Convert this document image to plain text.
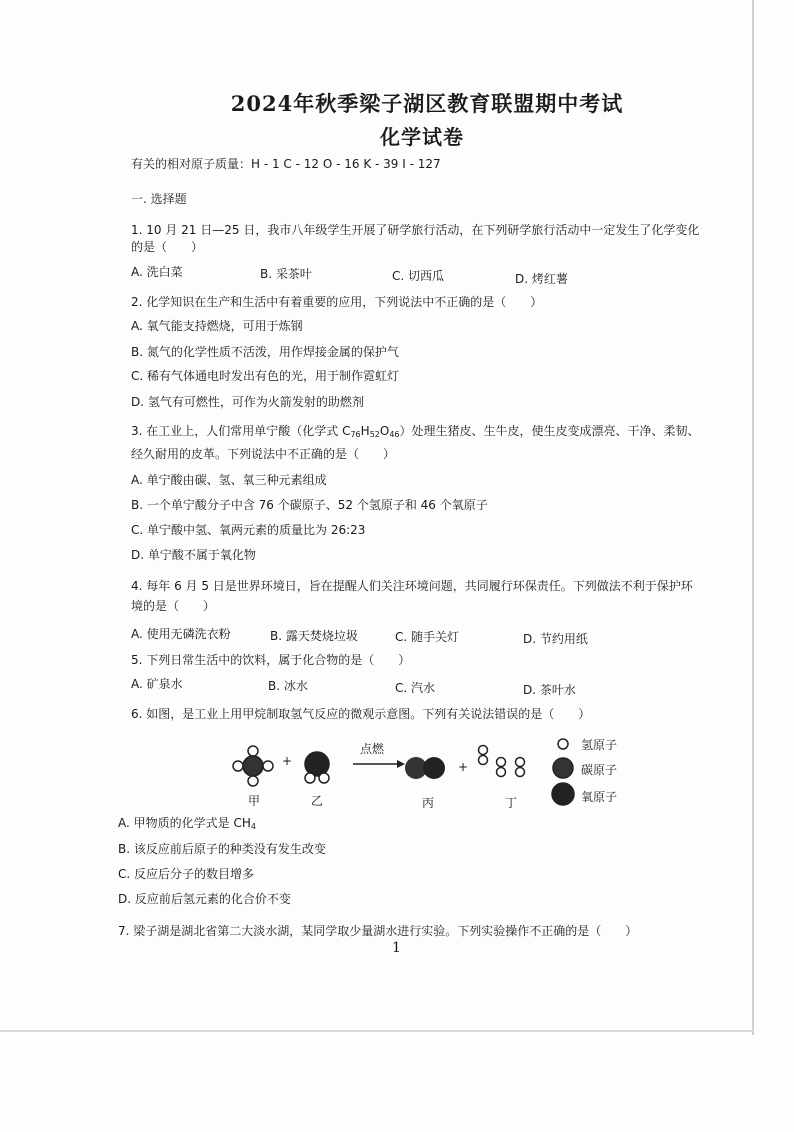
2024年秋季梁子湖区教育联盟期中考试
化学试卷
有关的相对原子质量：H - 1 C - 12 O - 16 K - 39 I - 127
一. 选择题
1. 10 月 21 日—25 日，我市八年级学生开展了研学旅行活动，在下列研学旅行活动中一定发生了化学变化
的是（　　）
A. 洗白菜	B. 采茶叶	C. 切西瓜	D. 烤红薯
2. 化学知识在生产和生活中有着重要的应用，下列说法中不正确的是（　　）
A. 氧气能支持燃烧，可用于炼钢
B. 氮气的化学性质不活泼，用作焊接金属的保护气
C. 稀有气体通电时发出有色的光，用于制作霓虹灯
D. 氢气有可燃性，可作为火箭发射的助燃剂
3. 在工业上，人们常用单宁酸（化学式 $C_{76}H_{52}O_{46}$）处理生猪皮、生牛皮，使生皮变成漂亮、干净、柔韧、
经久耐用的皮革。下列说法中不正确的是（　　）
A. 单宁酸由碳、氢、氧三种元素组成
B. 一个单宁酸分子中含 76 个碳原子、52 个氢原子和 46 个氧原子
C. 单宁酸中氢、氧两元素的质量比为 26:23
D. 单宁酸不属于氧化物
4. 每年 6 月 5 日是世界环境日，旨在提醒人们关注环境问题，共同履行环保责任。下列做法不利于保护环
境的是（　　）
A. 使用无磷洗衣粉	B. 露天焚烧垃圾	C. 随手关灯	D. 节约用纸
5. 下列日常生活中的饮料，属于化合物的是（　　）
A. 矿泉水	B. 冰水	C. 汽水	D. 茶叶水
6. 如图，是工业上用甲烷制取氢气反应的微观示意图。下列有关说法错误的是（　　）
+
点燃
+
甲	乙	丙	丁
氢原子
碳原子
氧原子
A. 甲物质的化学式是 $CH_4$
B. 该反应前后原子的种类没有发生改变
C. 反应后分子的数目增多
D. 反应前后氢元素的化合价不变
7. 梁子湖是湖北省第二大淡水湖，某同学取少量湖水进行实验。下列实验操作不正确的是（　　）
1
